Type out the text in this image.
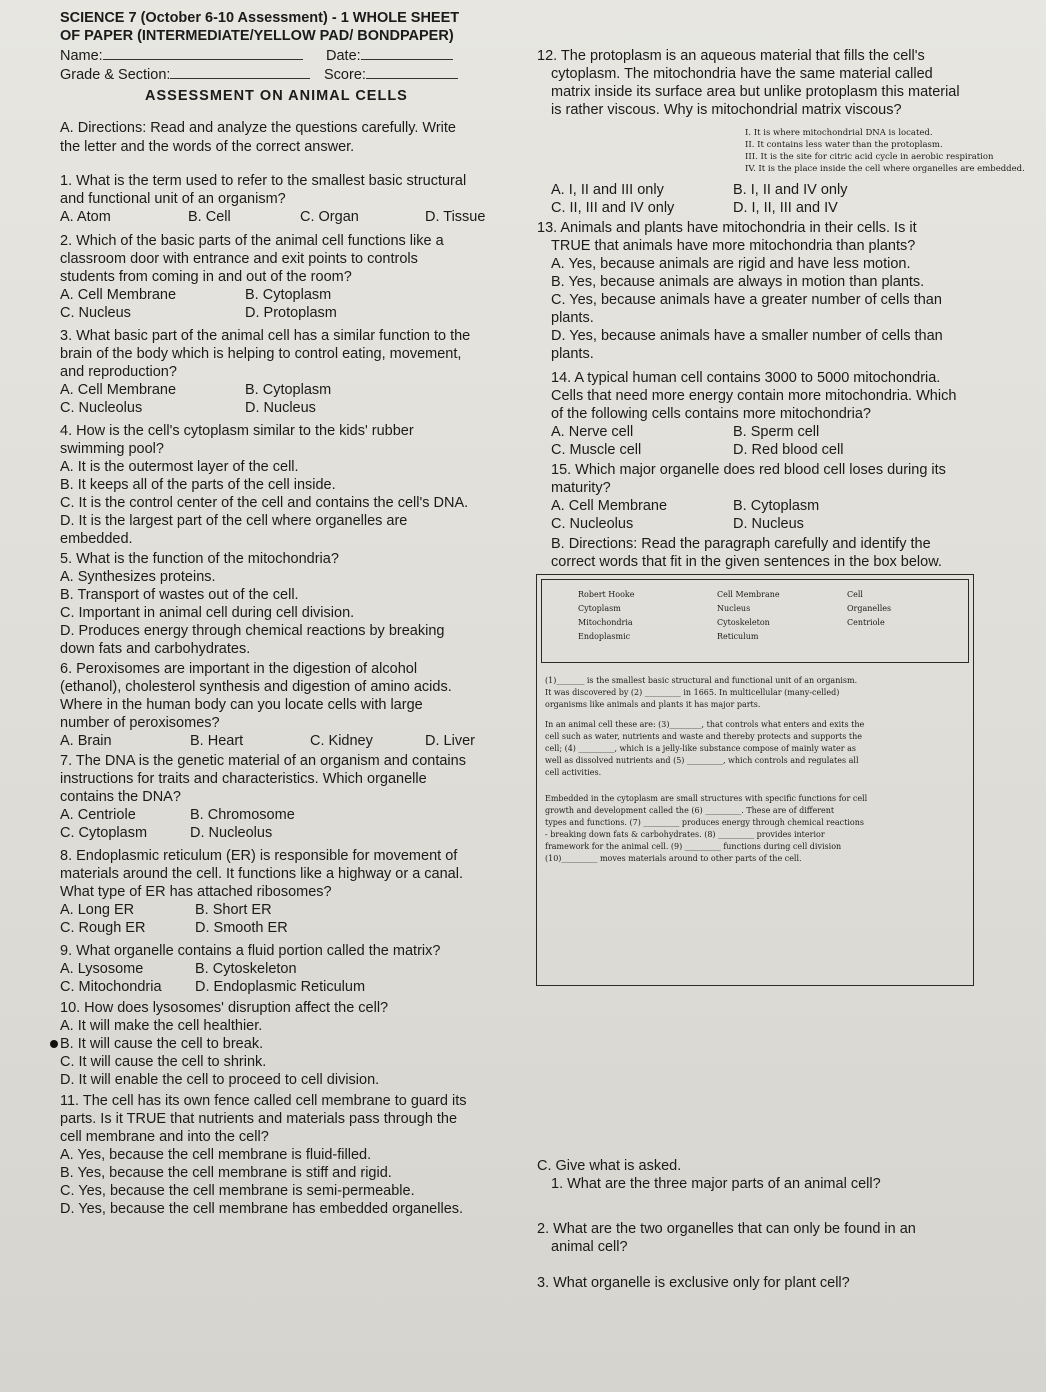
SCIENCE 7 (October 6-10 Assessment) - 1 WHOLE SHEET
OF PAPER (INTERMEDIATE/YELLOW PAD/ BONDPAPER)
Name:	Date:
Grade & Section:	Score:
ASSESSMENT ON ANIMAL CELLS
A. Directions: Read and analyze the questions carefully. Write
the letter and the words of the correct answer.
1. What is the term used to refer to the smallest basic structural
and functional unit of an organism?
A. Atom	B. Cell	C. Organ	D. Tissue
2. Which of the basic parts of the animal cell functions like a
classroom door with entrance and exit points to controls
students from coming in and out of the room?
A. Cell Membrane	B. Cytoplasm
C. Nucleus	D. Protoplasm
3. What basic part of the animal cell has a similar function to the
brain of the body which is helping to control eating, movement,
and reproduction?
A. Cell Membrane	B. Cytoplasm
C. Nucleolus	D. Nucleus
4. How is the cell's cytoplasm similar to the kids' rubber
swimming pool?
A. It is the outermost layer of the cell.
B. It keeps all of the parts of the cell inside.
C. It is the control center of the cell and contains the cell's DNA.
D. It is the largest part of the cell where organelles are
embedded.
5. What is the function of the mitochondria?
A. Synthesizes proteins.
B. Transport of wastes out of the cell.
C. Important in animal cell during cell division.
D. Produces energy through chemical reactions by breaking
down fats and carbohydrates.
6. Peroxisomes are important in the digestion of alcohol
(ethanol), cholesterol synthesis and digestion of amino acids.
Where in the human body can you locate cells with large
number of peroxisomes?
A. Brain	B. Heart	C. Kidney	D. Liver
7. The DNA is the genetic material of an organism and contains
instructions for traits and characteristics. Which organelle
contains the DNA?
A. Centriole	B. Chromosome
C. Cytoplasm	D. Nucleolus
8. Endoplasmic reticulum (ER) is responsible for movement of
materials around the cell. It functions like a highway or a canal.
What type of ER has attached ribosomes?
A. Long ER	B. Short ER
C. Rough ER	D. Smooth ER
9. What organelle contains a fluid portion called the matrix?
A. Lysosome	B. Cytoskeleton
C. Mitochondria D. Endoplasmic Reticulum
10. How does lysosomes' disruption affect the cell?
A. It will make the cell healthier.
B. It will cause the cell to break.
C. It will cause the cell to shrink.
D. It will enable the cell to proceed to cell division.
11. The cell has its own fence called cell membrane to guard its
parts. Is it TRUE that nutrients and materials pass through the
cell membrane and into the cell?
A. Yes, because the cell membrane is fluid-filled.
B. Yes, because the cell membrane is stiff and rigid.
C. Yes, because the cell membrane is semi-permeable.
D. Yes, because the cell membrane has embedded organelles.
12. The protoplasm is an aqueous material that fills the cell's
cytoplasm. The mitochondria have the same material called
matrix inside its surface area but unlike protoplasm this material
is rather viscous. Why is mitochondrial matrix viscous?
I. It is where mitochondrial DNA is located.
II. It contains less water than the protoplasm.
III. It is the site for citric acid cycle in aerobic respiration
IV. It is the place inside the cell where organelles are embedded.
A. I, II and III only	B. I, II and IV only
C. II, III and IV only	D. I, II, III and IV
13. Animals and plants have mitochondria in their cells. Is it
TRUE that animals have more mitochondria than plants?
A. Yes, because animals are rigid and have less motion.
B. Yes, because animals are always in motion than plants.
C. Yes, because animals have a greater number of cells than
plants.
D. Yes, because animals have a smaller number of cells than
plants.
14. A typical human cell contains 3000 to 5000 mitochondria.
Cells that need more energy contain more mitochondria. Which
of the following cells contains more mitochondria?
A. Nerve cell	B. Sperm cell
C. Muscle cell	D. Red blood cell
15. Which major organelle does red blood cell loses during its
maturity?
A. Cell Membrane	B. Cytoplasm
C. Nucleolus	D. Nucleus
B. Directions: Read the paragraph carefully and identify the
correct words that fit in the given sentences in the box below.
Robert Hooke	Cell Membrane	Cell
Cytoplasm	Nucleus	Organelles
Mitochondria	Cytoskeleton	Centriole
Endoplasmic	Reticulum
(1)_______ is the smallest basic structural and functional unit of an organism.
It was discovered by (2) _________ in 1665. In multicellular (many-celled)
organisms like animals and plants it has major parts.
In an animal cell these are: (3)________, that controls what enters and exits the
cell such as water, nutrients and waste and thereby protects and supports the
cell; (4) _________, which is a jelly-like substance compose of mainly water as
well as dissolved nutrients and (5) _________, which controls and regulates all
cell activities.
Embedded in the cytoplasm are small structures with specific functions for cell
growth and development called the (6) _________. These are of different
types and functions. (7) _________ produces energy through chemical reactions
- breaking down fats & carbohydrates. (8) _________ provides interior
framework for the animal cell. (9) _________ functions during cell division
(10)_________ moves materials around to other parts of the cell.
C. Give what is asked.
1. What are the three major parts of an animal cell?
2. What are the two organelles that can only be found in an
animal cell?
3. What organelle is exclusive only for plant cell?
